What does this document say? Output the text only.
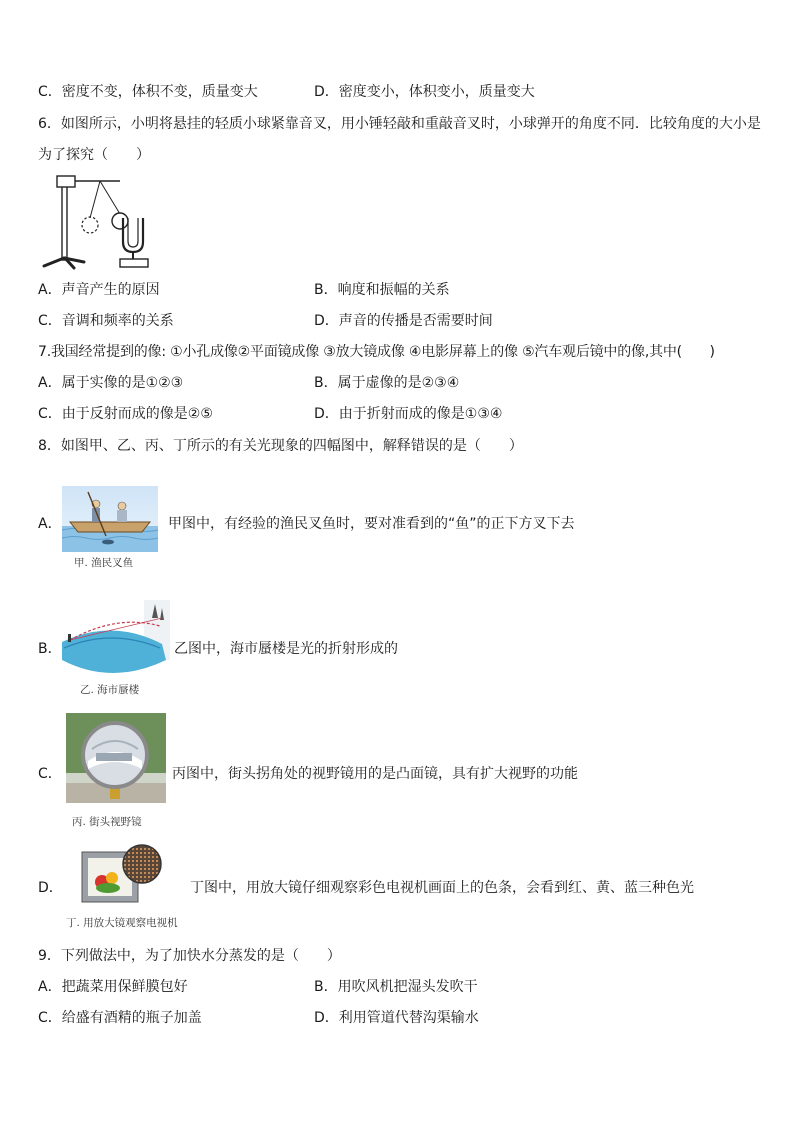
C．密度不变，体积不变，质量变大	D．密度变小，体积变小，质量变大
6．如图所示，小明将悬挂的轻质小球紧靠音叉，用小锤轻敲和重敲音叉时，小球弹开的角度不同．比较角度的大小是
为了探究（　　）
A．声音产生的原因	B．响度和振幅的关系
C．音调和频率的关系	D．声音的传播是否需要时间
7.我国经常提到的像: ①小孔成像②平面镜成像 ③放大镜成像 ④电影屏幕上的像 ⑤汽车观后镜中的像,其中(　　)
A．属于实像的是①②③	B．属于虚像的是②③④
C．由于反射而成的像是②⑤	D．由于折射而成的像是①③④
8．如图甲、乙、丙、丁所示的有关光现象的四幅图中，解释错误的是（　　）
A．	甲图中，有经验的渔民叉鱼时，要对准看到的“鱼”的正下方叉下去
甲. 渔民叉鱼
B．	乙图中，海市蜃楼是光的折射形成的
乙. 海市蜃楼
C．	丙图中，街头拐角处的视野镜用的是凸面镜，具有扩大视野的功能
丙. 街头视野镜
D．	丁图中，用放大镜仔细观察彩色电视机画面上的色条，会看到红、黄、蓝三种色光
丁. 用放大镜观察电视机
9．下列做法中，为了加快水分蒸发的是（　　）
A．把蔬菜用保鲜膜包好	B．用吹风机把湿头发吹干
C．给盛有酒精的瓶子加盖	D．利用管道代替沟渠输水
